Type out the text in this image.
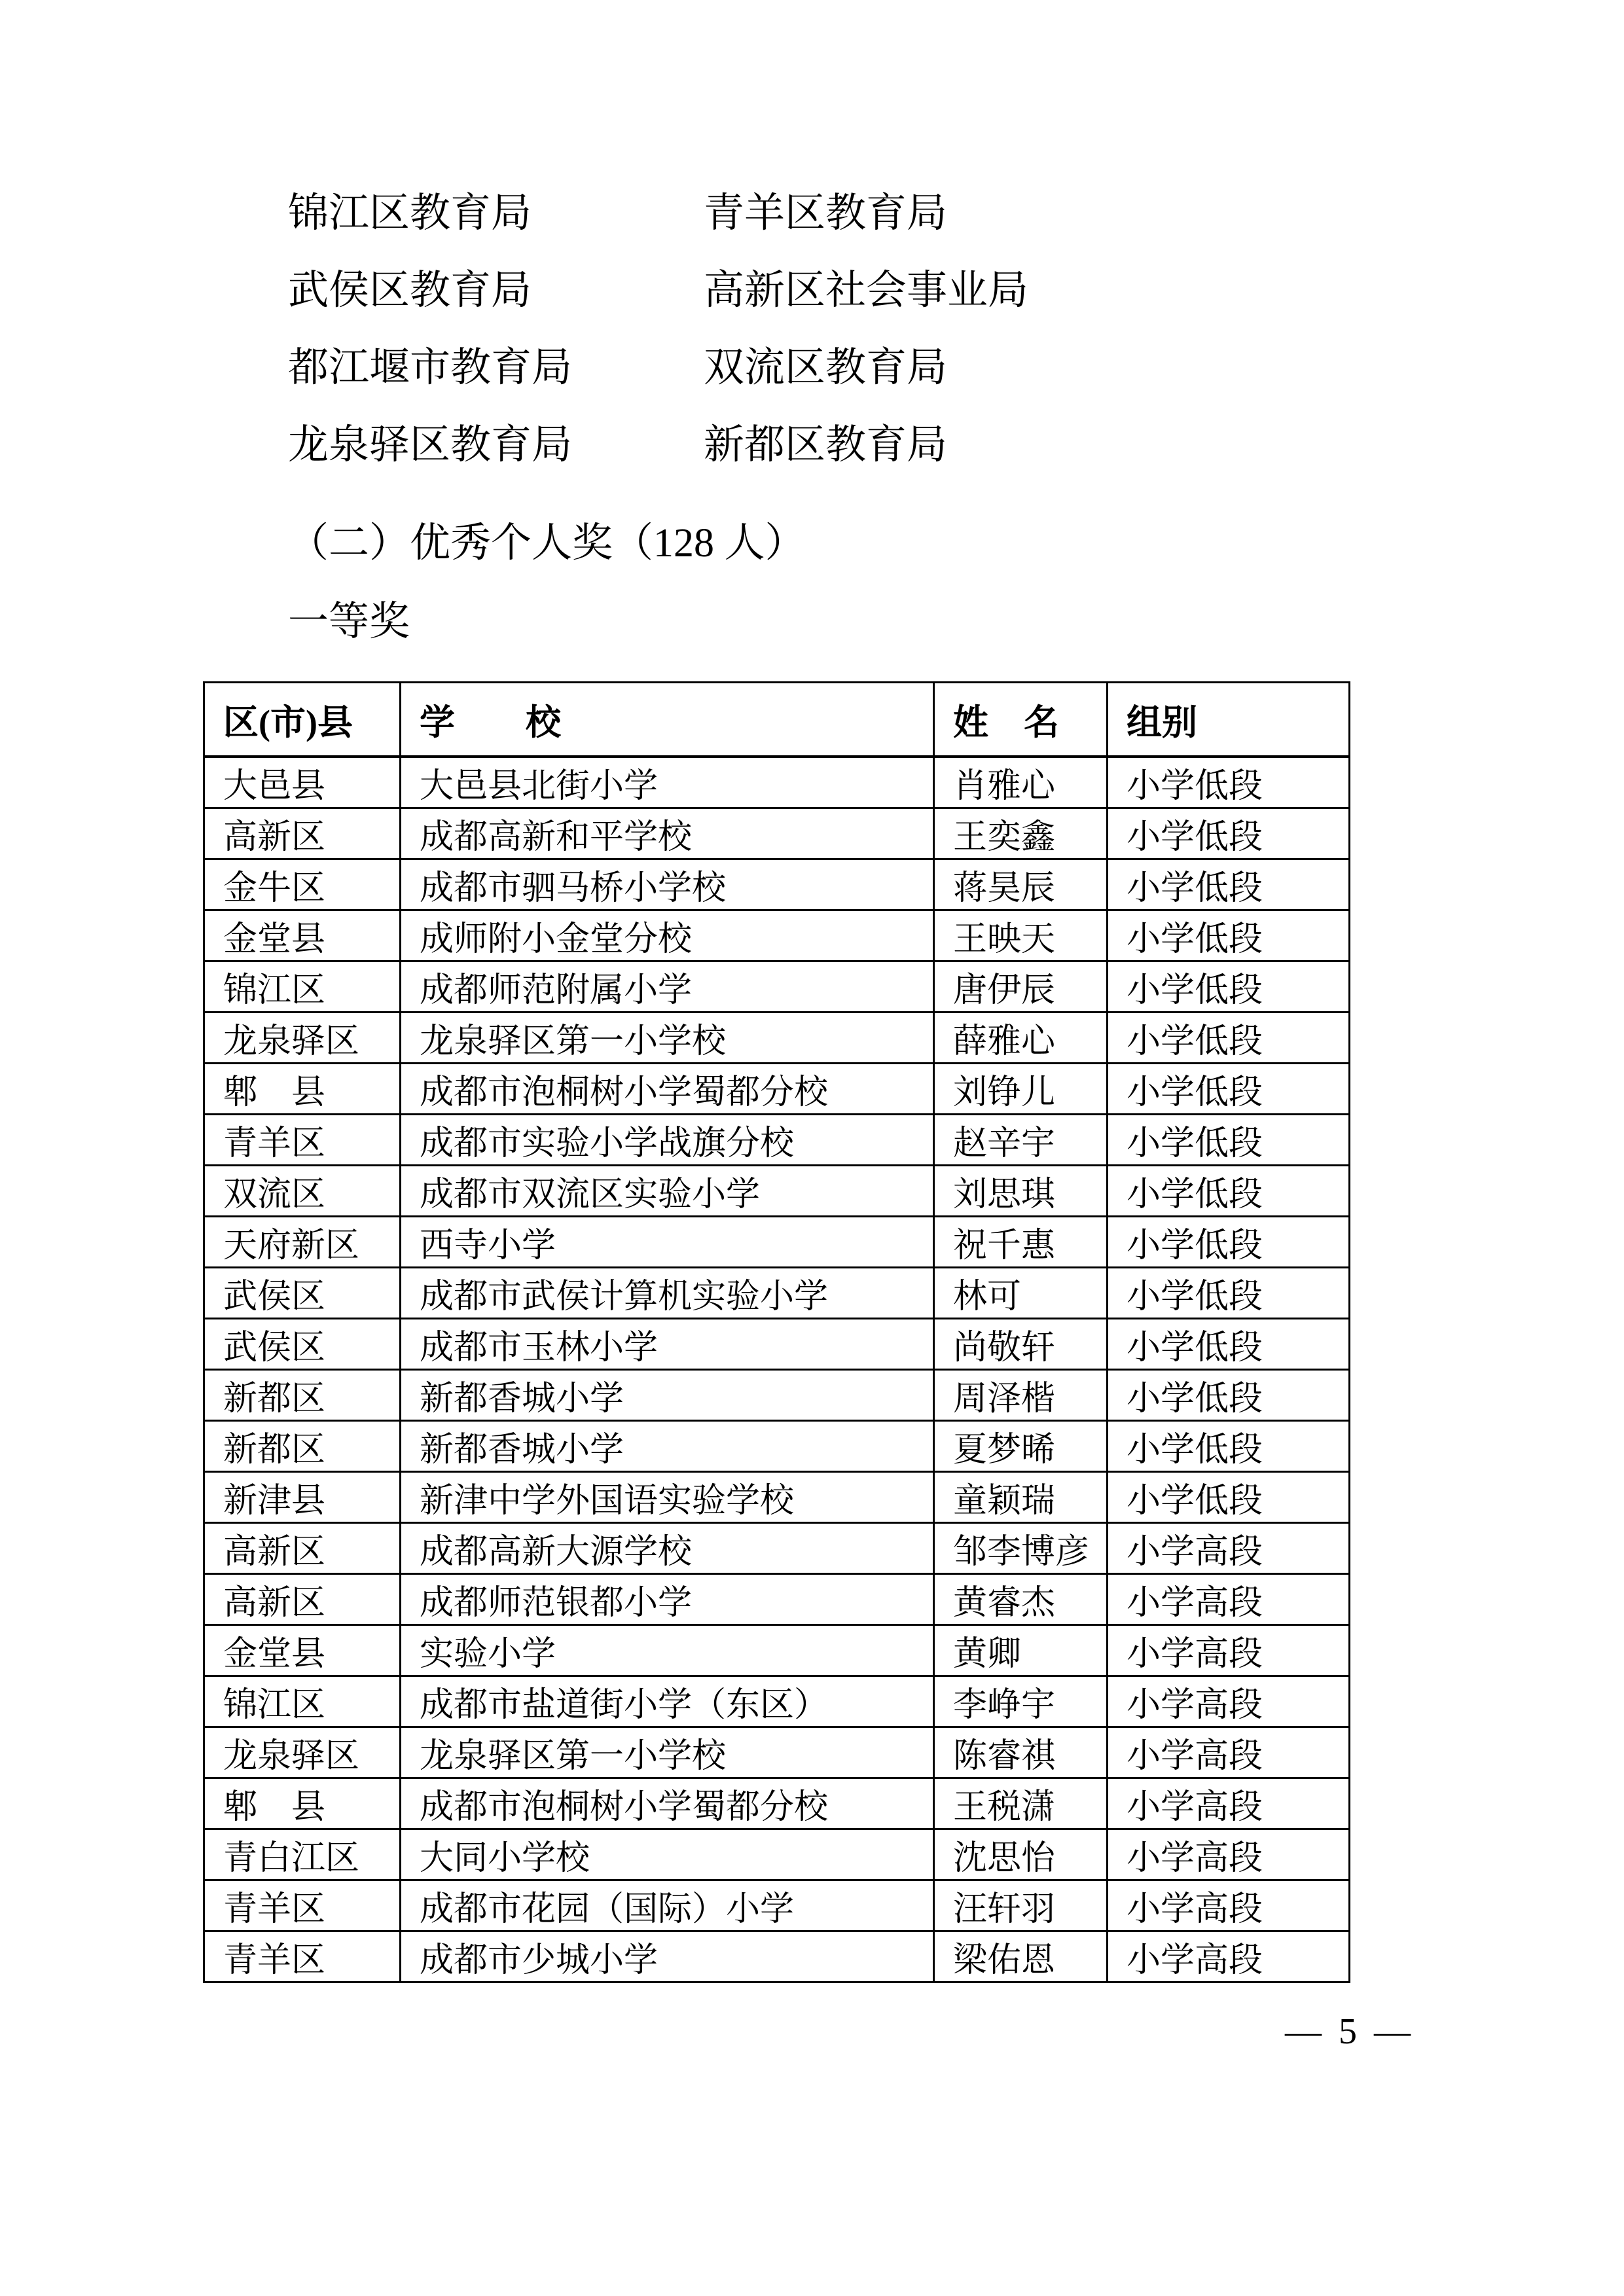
锦江区教育局	青羊区教育局
武侯区教育局	高新区社会事业局
都江堰市教育局	双流区教育局
龙泉驿区教育局	新都区教育局
（二）优秀个人奖（128 人）
一等奖
区(市)县	学　　校	姓　名	组别
大邑县	大邑县北街小学	肖雅心	小学低段
高新区	成都高新和平学校	王奕鑫	小学低段
金牛区	成都市驷马桥小学校	蒋昊辰	小学低段
金堂县	成师附小金堂分校	王映天	小学低段
锦江区	成都师范附属小学	唐伊辰	小学低段
龙泉驿区	龙泉驿区第一小学校	薛雅心	小学低段
郫　县	成都市泡桐树小学蜀都分校	刘铮儿	小学低段
青羊区	成都市实验小学战旗分校	赵辛宇	小学低段
双流区	成都市双流区实验小学	刘思琪	小学低段
天府新区	西寺小学	祝千惠	小学低段
武侯区	成都市武侯计算机实验小学	林可	小学低段
武侯区	成都市玉林小学	尚敬轩	小学低段
新都区	新都香城小学	周泽楷	小学低段
新都区	新都香城小学	夏梦晞	小学低段
新津县	新津中学外国语实验学校	童颖瑞	小学低段
高新区	成都高新大源学校	邹李博彦	小学高段
高新区	成都师范银都小学	黄睿杰	小学高段
金堂县	实验小学	黄卿	小学高段
锦江区	成都市盐道街小学（东区）	李峥宇	小学高段
龙泉驿区	龙泉驿区第一小学校	陈睿祺	小学高段
郫　县	成都市泡桐树小学蜀都分校	王税潇	小学高段
青白江区	大同小学校	沈思怡	小学高段
青羊区	成都市花园（国际）小学	汪轩羽	小学高段
青羊区	成都市少城小学	梁佑恩	小学高段
— 5 —
